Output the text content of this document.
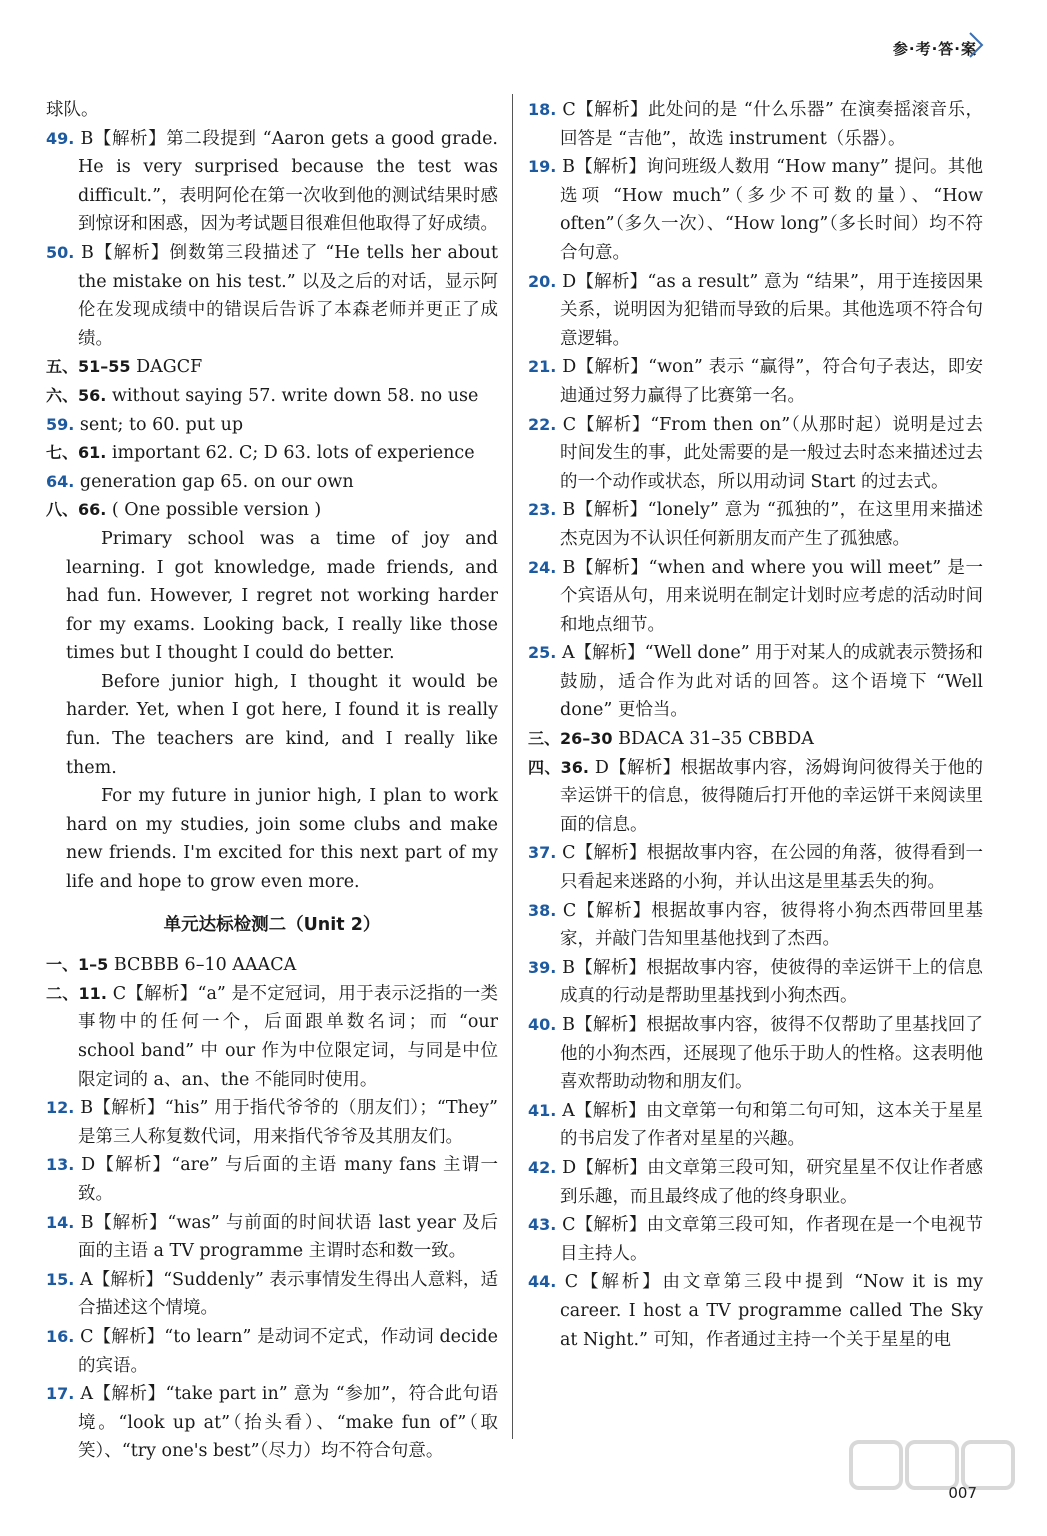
参·考·答·案
球队。
49. B【解析】第二段提到 “Aaron gets a good grade. He is very surprised because the test was difficult.”，表明阿伦在第一次收到他的测试结果时感到惊讶和困惑，因为考试题目很难但他取得了好成绩。
50. B【解析】倒数第三段描述了 “He tells her about the mistake on his test.” 以及之后的对话，显示阿伦在发现成绩中的错误后告诉了本森老师并更正了成绩。
五、51–55 DAGCF
六、56. without saying 57. write down 58. no use
59. sent; to 60. put up
七、61. important 62. C; D 63. lots of experience
64. generation gap 65. on our own
八、66. ( One possible version )
Primary school was a time of joy and learning. I got knowledge, made friends, and had fun. However, I regret not working harder for my exams. Looking back, I really like those times but I thought I could do better.
Before junior high, I thought it would be harder. Yet, when I got here, I found it is really fun. The teachers are kind, and I really like them.
For my future in junior high, I plan to work hard on my studies, join some clubs and make new friends. I'm excited for this next part of my life and hope to grow even more.
单元达标检测二（Unit 2）
一、1–5 BCBBB 6–10 AAACA
二、11. C【解析】“a” 是不定冠词，用于表示泛指的一类事物中的任何一个，后面跟单数名词；而 “our school band” 中 our 作为中位限定词，与同是中位限定词的 a、an、the 不能同时使用。
12. B【解析】“his” 用于指代爷爷的（朋友们）；“They” 是第三人称复数代词，用来指代爷爷及其朋友们。
13. D【解析】“are” 与后面的主语 many fans 主谓一致。
14. B【解析】“was” 与前面的时间状语 last year 及后面的主语 a TV programme 主谓时态和数一致。
15. A【解析】“Suddenly” 表示事情发生得出人意料，适合描述这个情境。
16. C【解析】“to learn” 是动词不定式，作动词 decide 的宾语。
17. A【解析】“take part in” 意为 “参加”，符合此句语境。“look up at”（抬头看）、“make fun of”（取笑）、“try one's best”（尽力）均不符合句意。
18. C【解析】此处问的是 “什么乐器” 在演奏摇滚音乐，回答是 “吉他”，故选 instrument（乐器）。
19. B【解析】询问班级人数用 “How many” 提问。其他选项 “How much”（多少不可数的量）、“How often”（多久一次）、“How long”（多长时间）均不符合句意。
20. D【解析】“as a result” 意为 “结果”，用于连接因果关系，说明因为犯错而导致的后果。其他选项不符合句意逻辑。
21. D【解析】“won” 表示 “赢得”，符合句子表达，即安迪通过努力赢得了比赛第一名。
22. C【解析】“From then on”（从那时起）说明是过去时间发生的事，此处需要的是一般过去时态来描述过去的一个动作或状态，所以用动词 Start 的过去式。
23. B【解析】“lonely” 意为 “孤独的”，在这里用来描述杰克因为不认识任何新朋友而产生了孤独感。
24. B【解析】“when and where you will meet” 是一个宾语从句，用来说明在制定计划时应考虑的活动时间和地点细节。
25. A【解析】“Well done” 用于对某人的成就表示赞扬和鼓励，适合作为此对话的回答。这个语境下 “Well done” 更恰当。
三、26–30 BDACA 31–35 CBBDA
四、36. D【解析】根据故事内容，汤姆询问彼得关于他的幸运饼干的信息，彼得随后打开他的幸运饼干来阅读里面的信息。
37. C【解析】根据故事内容，在公园的角落，彼得看到一只看起来迷路的小狗，并认出这是里基丢失的狗。
38. C【解析】根据故事内容，彼得将小狗杰西带回里基家，并敲门告知里基他找到了杰西。
39. B【解析】根据故事内容，使彼得的幸运饼干上的信息成真的行动是帮助里基找到小狗杰西。
40. B【解析】根据故事内容，彼得不仅帮助了里基找回了他的小狗杰西，还展现了他乐于助人的性格。这表明他喜欢帮助动物和朋友们。
41. A【解析】由文章第一句和第二句可知，这本关于星星的书启发了作者对星星的兴趣。
42. D【解析】由文章第三段可知，研究星星不仅让作者感到乐趣，而且最终成了他的终身职业。
43. C【解析】由文章第三段可知，作者现在是一个电视节目主持人。
44. C【解析】由文章第三段中提到 “Now it is my career. I host a TV programme called The Sky at Night.” 可知，作者通过主持一个关于星星的电
007
